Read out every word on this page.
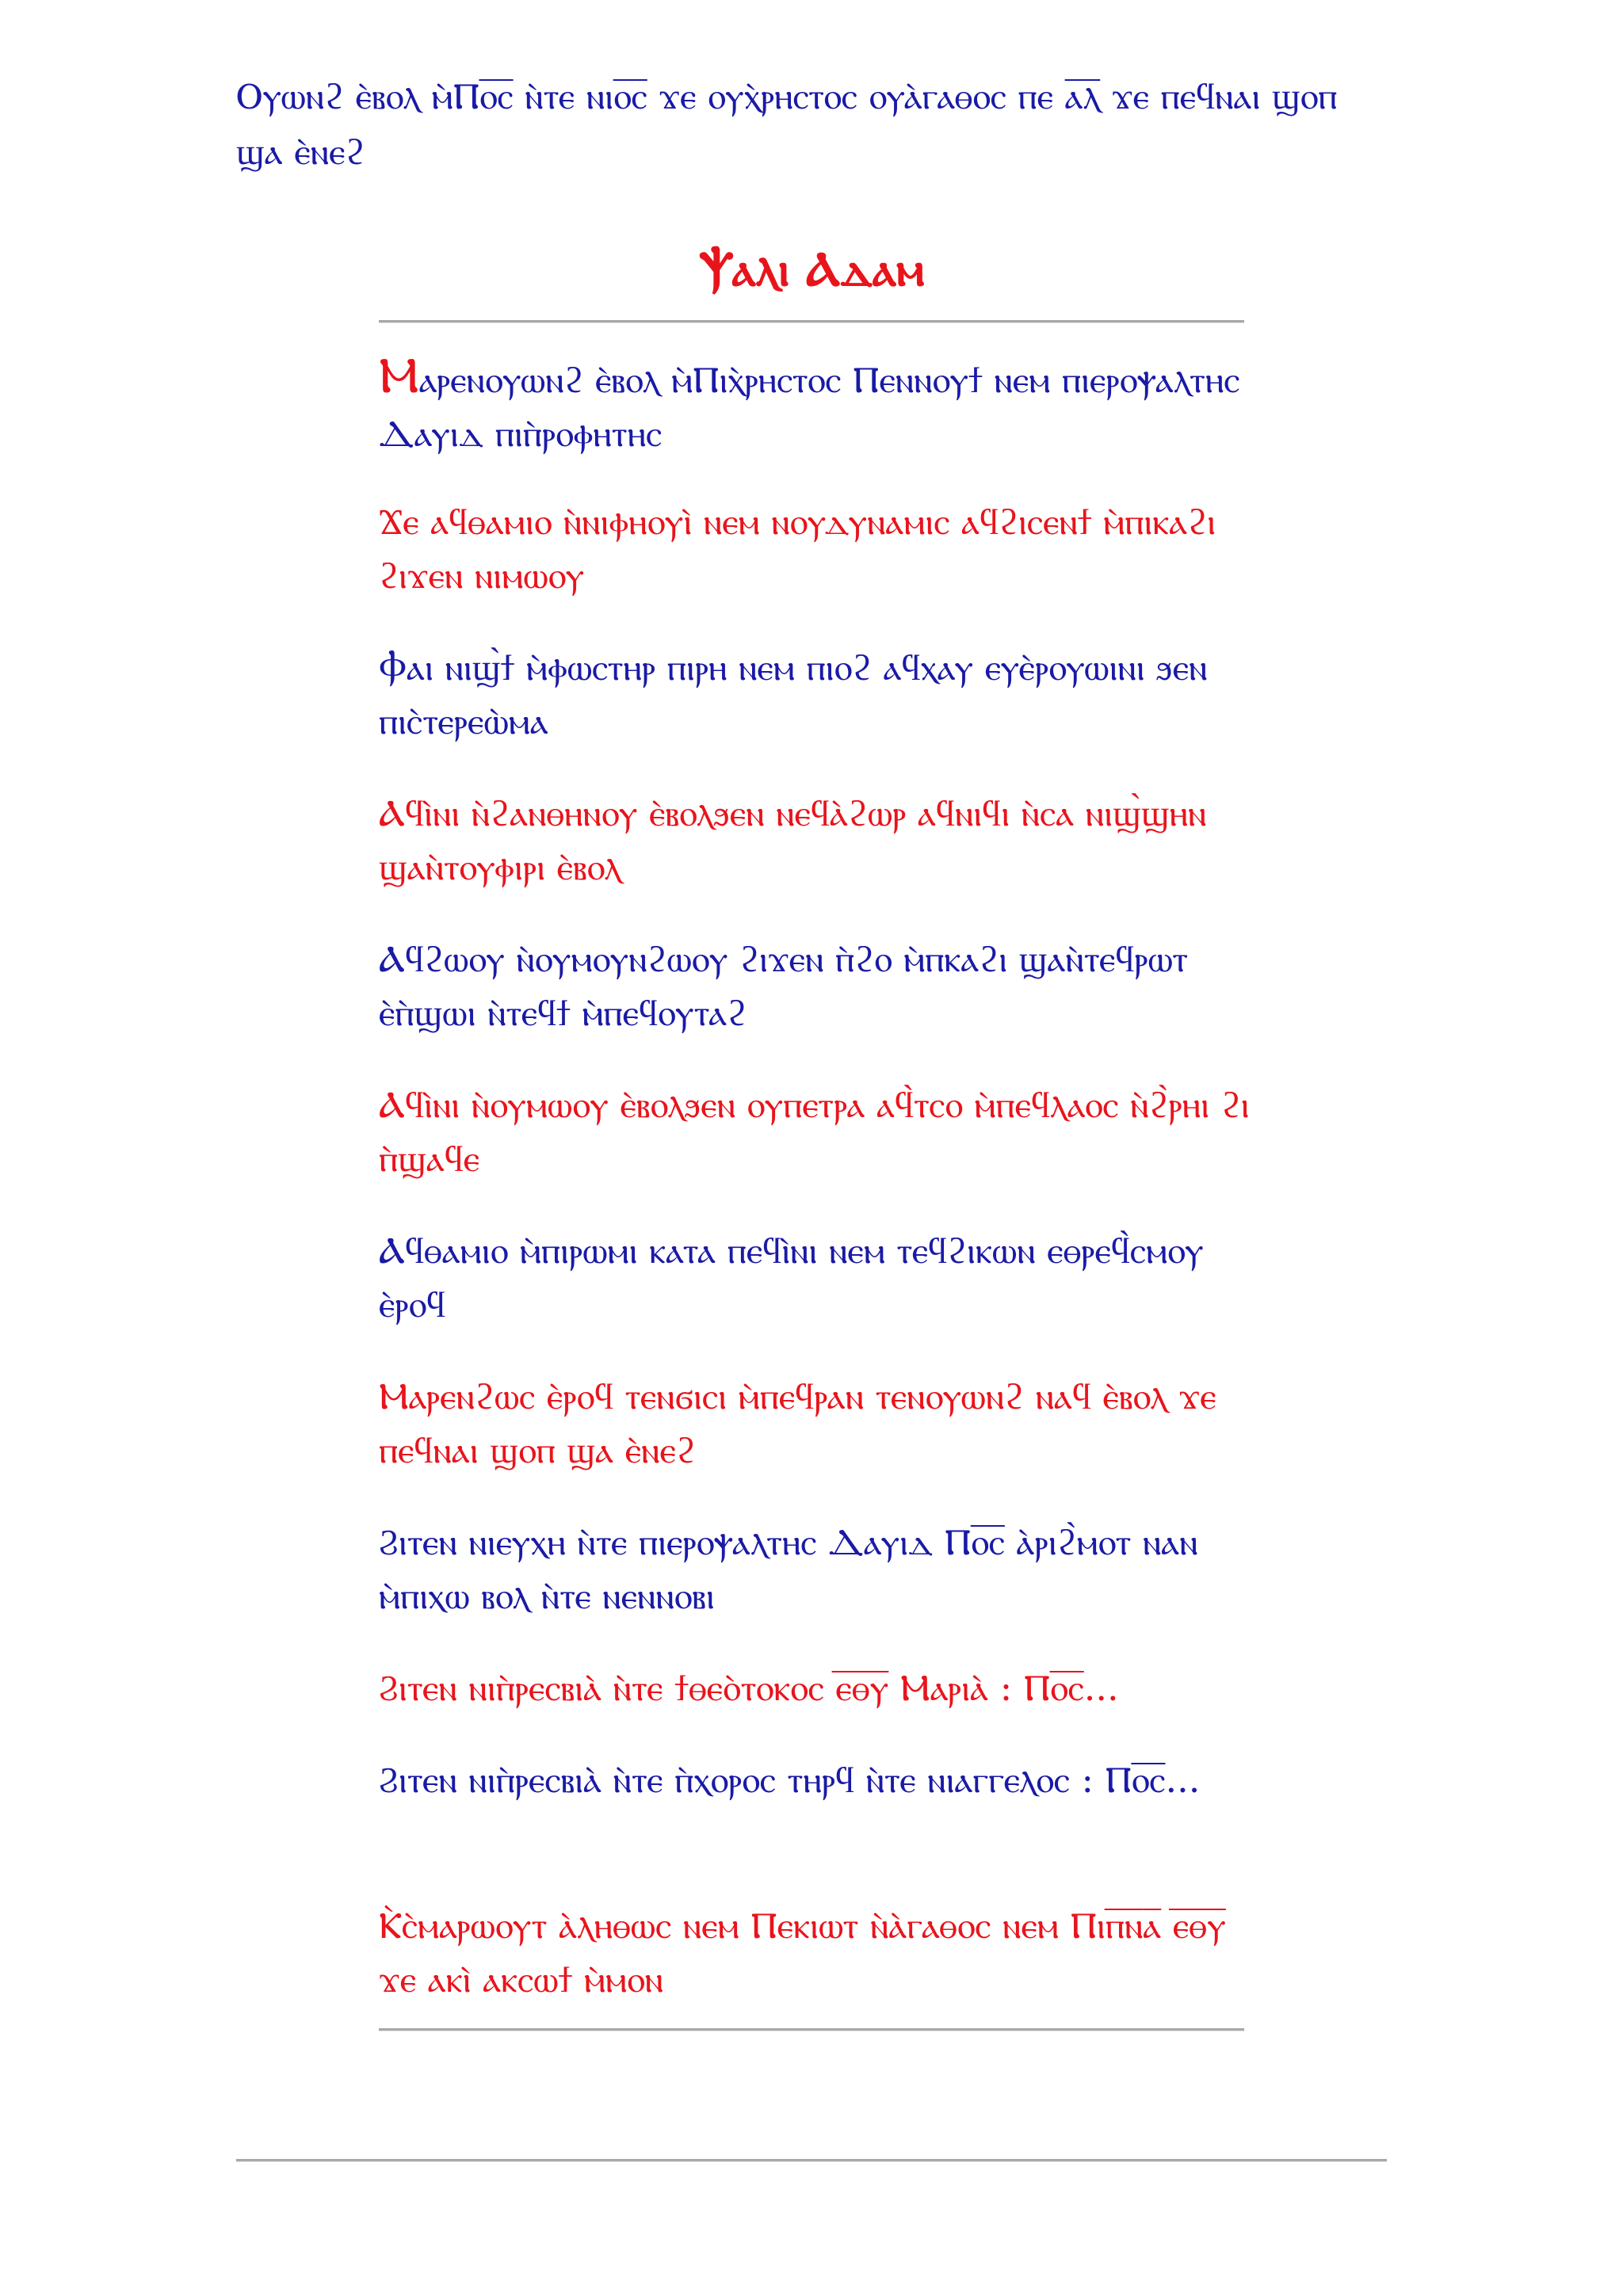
Ⲟⲩⲱⲛϩ ⲉ̀ⲃⲟⲗ ⲙ̀Ⲡⲟ̅ⲥ̅ ⲛ̀ⲧⲉ ⲛⲓⲟ̅ⲥ̅ ϫⲉ ⲟⲩⲭ̀ⲣⲏⲥⲧⲟⲥ ⲟⲩⲁ̀ⲅⲁⲑⲟⲥ ⲡⲉ ⲁ̅ⲗ̅ ϫⲉ ⲡⲉϥⲛⲁⲓ ϣⲟⲡ ϣⲁ ⲉ̀ⲛⲉϩ

Ⲯⲁⲗⲓ Ⲁⲇⲁⲙ
Ⲙⲁⲣⲉⲛⲟⲩⲱⲛϩ ⲉ̀ⲃⲟⲗ ⲙ̀Ⲡⲓⲭ̀ⲣⲏⲥⲧⲟⲥ Ⲡⲉⲛⲛⲟⲩϯ ⲛⲉⲙ ⲡⲓⲉⲣⲟⲯⲁⲗⲧⲏⲥ Ⲇⲁⲩⲓⲇ ⲡⲓⲡ̀ⲣⲟⲫⲏⲧⲏⲥ
Ϫⲉ ⲁϥⲑⲁⲙⲓⲟ ⲛ̀ⲛⲓⲫⲏⲟⲩⲓ̀ ⲛⲉⲙ ⲛⲟⲩⲇⲩⲛⲁⲙⲓⲥ ⲁϥϩⲓⲥⲉⲛϯ ⲙ̀ⲡⲓⲕⲁϩⲓ ϩⲓϫⲉⲛ ⲛⲓⲙⲱⲟⲩ
Ⲫⲁⲓ ⲛⲓϣ̀ϯ ⲙ̀ⲫⲱⲥⲧⲏⲣ ⲡⲓⲣⲏ ⲛⲉⲙ ⲡⲓⲟϩ ⲁϥⲭⲁⲩ ⲉⲩⲉ̀ⲣⲟⲩⲱⲓⲛⲓ ϧⲉⲛ ⲡⲓⲥ̀ⲧⲉⲣⲉⲱ̀ⲙⲁ
Ⲁϥⲓ̀ⲛⲓ ⲛ̀ϩⲁⲛⲑⲏⲛⲟⲩ ⲉ̀ⲃⲟⲗϧⲉⲛ ⲛⲉϥⲁ̀ϩⲱⲣ ⲁϥⲛⲓϥⲓ ⲛ̀ⲥⲁ ⲛⲓϣ̀ϣⲏⲛ ϣⲁⲛ̀ⲧⲟⲩⲫⲓⲣⲓ ⲉ̀ⲃⲟⲗ
Ⲁϥϩⲱⲟⲩ ⲛ̀ⲟⲩⲙⲟⲩⲛϩⲱⲟⲩ ϩⲓϫⲉⲛ ⲡ̀ϩⲟ ⲙ̀ⲡⲕⲁϩⲓ ϣⲁⲛ̀ⲧⲉϥⲣⲱⲧ ⲉ̀ⲡ̀ϣⲱⲓ ⲛ̀ⲧⲉϥϯ ⲙ̀ⲡⲉϥⲟⲩⲧⲁϩ
Ⲁϥⲓ̀ⲛⲓ ⲛ̀ⲟⲩⲙⲱⲟⲩ ⲉ̀ⲃⲟⲗϧⲉⲛ ⲟⲩⲡⲉⲧⲣⲁ ⲁϥ̀ⲧⲥⲟ ⲙ̀ⲡⲉϥⲗⲁⲟⲥ ⲛ̀ϩ̀ⲣⲏⲓ ϩⲓ ⲡ̀ϣⲁϥⲉ
Ⲁϥⲑⲁⲙⲓⲟ ⲙ̀ⲡⲓⲣⲱⲙⲓ ⲕⲁⲧⲁ ⲡⲉϥⲓ̀ⲛⲓ ⲛⲉⲙ ⲧⲉϥϩⲓⲕⲱⲛ ⲉⲑⲣⲉϥ̀ⲥⲙⲟⲩ ⲉ̀ⲣⲟϥ
Ⲙⲁⲣⲉⲛϩⲱⲥ ⲉ̀ⲣⲟϥ ⲧⲉⲛϭⲓⲥⲓ ⲙ̀ⲡⲉϥⲣⲁⲛ ⲧⲉⲛⲟⲩⲱⲛϩ ⲛⲁϥ ⲉ̀ⲃⲟⲗ ϫⲉ ⲡⲉϥⲛⲁⲓ ϣⲟⲡ ϣⲁ ⲉ̀ⲛⲉϩ
Ϩⲓⲧⲉⲛ ⲛⲓⲉⲩⲭⲏ ⲛ̀ⲧⲉ ⲡⲓⲉⲣⲟⲯⲁⲗⲧⲏⲥ Ⲇⲁⲩⲓⲇ Ⲡⲟ̅ⲥ̅ ⲁ̀ⲣⲓϩ̀ⲙⲟⲧ ⲛⲁⲛ ⲙ̀ⲡⲓⲭⲱ ⲃⲟⲗ ⲛ̀ⲧⲉ ⲛⲉⲛⲛⲟⲃⲓ
Ϩⲓⲧⲉⲛ ⲛⲓⲡ̀ⲣⲉⲥⲃⲓⲁ̀ ⲛ̀ⲧⲉ ϯⲑⲉⲟ̀ⲧⲟⲕⲟⲥ ⲉ̅ⲑ̅ⲩ̅ Ⲙⲁⲣⲓⲁ̀ : Ⲡⲟ̅ⲥ̅...
Ϩⲓⲧⲉⲛ ⲛⲓⲡ̀ⲣⲉⲥⲃⲓⲁ̀ ⲛ̀ⲧⲉ ⲡ̀ⲭⲟⲣⲟⲥ ⲧⲏⲣϥ ⲛ̀ⲧⲉ ⲛⲓⲁⲅⲅⲉⲗⲟⲥ : Ⲡⲟ̅ⲥ̅...
Ⲕ̀ⲥ̀ⲙⲁⲣⲱⲟⲩⲧ ⲁ̀ⲗⲏⲑⲱⲥ ⲛⲉⲙ Ⲡⲉⲕⲓⲱⲧ ⲛ̀ⲁ̀ⲅⲁⲑⲟⲥ ⲛⲉⲙ Ⲡⲓⲡ̅ⲛ̅ⲁ̅ ⲉ̅ⲑ̅ⲩ̅ ϫⲉ ⲁⲕⲓ̀ ⲁⲕⲥⲱϯ ⲙ̀ⲙⲟⲛ
